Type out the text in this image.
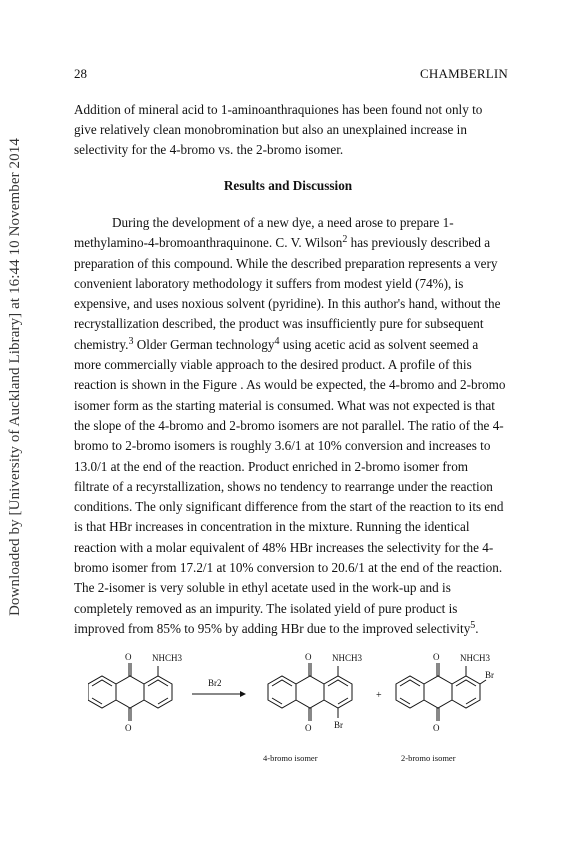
Downloaded by [University of Auckland Library] at 16:44 10 November 2014
28	CHAMBERLIN
Addition of mineral acid to 1-aminoanthraquiones has been found not only to give relatively clean monobromination but also an unexplained increase in selectivity for the 4-bromo vs. the 2-bromo isomer.
Results and Discussion
During the development of a new dye, a need arose to prepare 1-methylamino-4-bromoanthraquinone. C. V. Wilson$^2$ has previously described a preparation of this compound. While the described preparation represents a very convenient laboratory methodology it suffers from modest yield (74%), is expensive, and uses noxious solvent (pyridine). In this author's hand, without the recrystallization described, the product was insufficiently pure for subsequent chemistry.$^3$ Older German technology$^4$ using acetic acid as solvent seemed a more commercially viable approach to the desired product. A profile of this reaction is shown in the Figure . As would be expected, the 4-bromo and 2-bromo isomer form as the starting material is consumed. What was not expected is that the slope of the 4-bromo and 2-bromo isomers are not parallel. The ratio of the 4-bromo to 2-bromo isomers is roughly 3.6/1 at 10% conversion and increases to 13.0/1 at the end of the reaction. Product enriched in 2-bromo isomer from filtrate of a recyrstallization, shows no tendency to rearrange under the reaction conditions. The only significant difference from the start of the reaction to its end is that HBr increases in concentration in the mixture. Running the identical reaction with a molar equivalent of 48% HBr increases the selectivity for the 4-bromo isomer from 17.2/1 at 10% conversion to 20.6/1 at the end of the reaction. The 2-isomer is very soluble in ethyl acetate used in the work-up and is completely removed as an impurity. The isolated yield of pure product is improved from 85% to 95% by adding HBr due to the improved selectivity$^5$.
O
O
NHCH3
Br2
O
O
NHCH3
Br
+
O
O
NHCH3
Br
4-bromo isomer	2-bromo isomer
